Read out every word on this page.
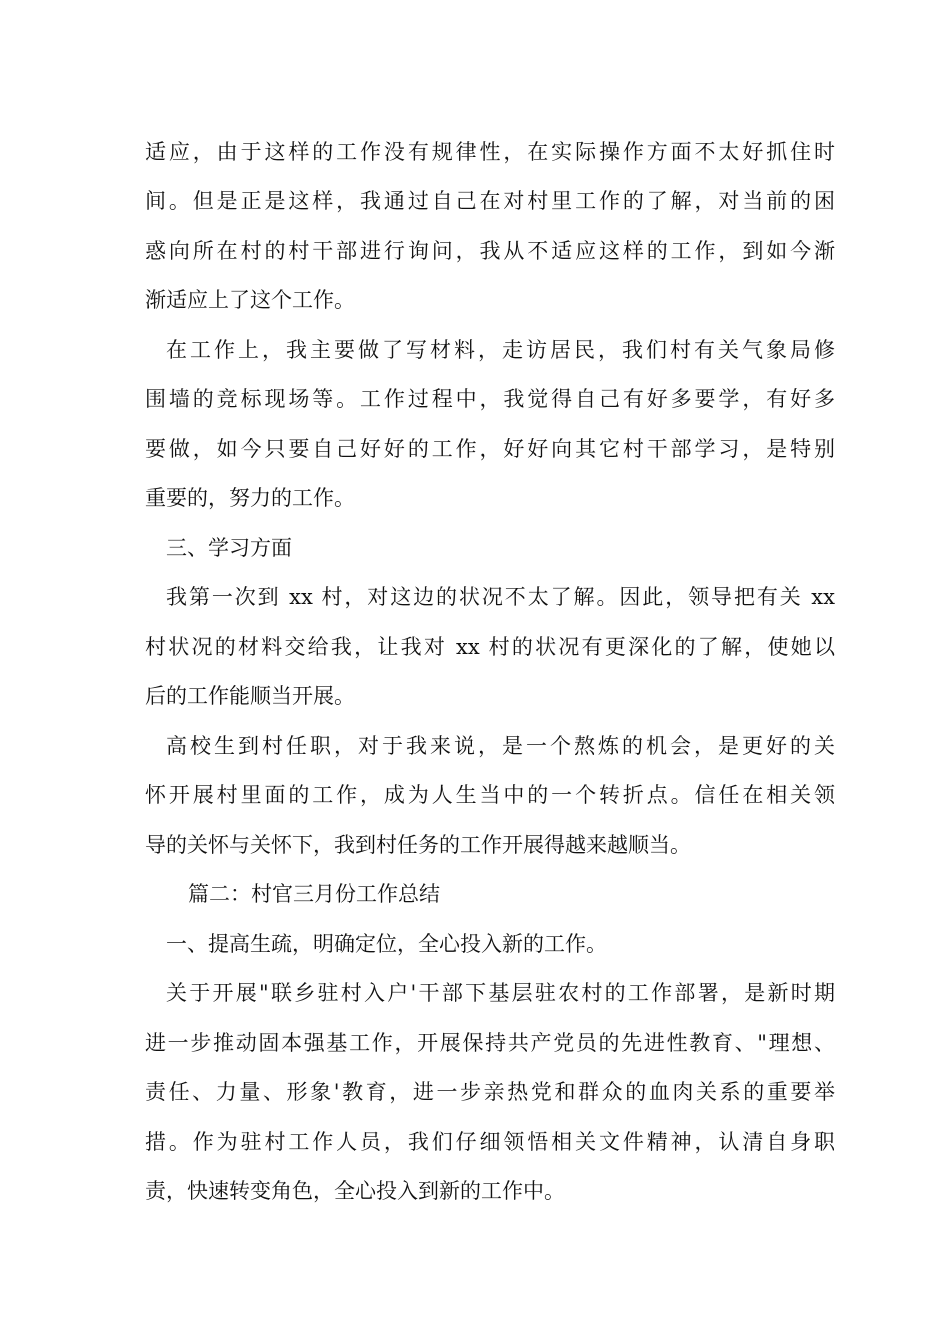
适应，由于这样的工作没有规律性，在实际操作方面不太好抓住时
间。但是正是这样，我通过自己在对村里工作的了解，对当前的困
惑向所在村的村干部进行询问，我从不适应这样的工作，到如今渐
渐适应上了这个工作。
在工作上，我主要做了写材料，走访居民，我们村有关气象局修
围墙的竞标现场等。工作过程中，我觉得自己有好多要学，有好多
要做，如今只要自己好好的工作，好好向其它村干部学习，是特别
重要的，努力的工作。
三、学习方面
我第一次到 xx 村，对这边的状况不太了解。因此，领导把有关 xx
村状况的材料交给我，让我对 xx 村的状况有更深化的了解，使她以
后的工作能顺当开展。
高校生到村任职，对于我来说，是一个熬炼的机会，是更好的关
怀开展村里面的工作，成为人生当中的一个转折点。信任在相关领
导的关怀与关怀下，我到村任务的工作开展得越来越顺当。
篇二：村官三月份工作总结
一、提高生疏，明确定位，全心投入新的工作。
关于开展"联乡驻村入户'干部下基层驻农村的工作部署，是新时期
进一步推动固本强基工作，开展保持共产党员的先进性教育、"理想、
责任、力量、形象'教育，进一步亲热党和群众的血肉关系的重要举
措。作为驻村工作人员，我们仔细领悟相关文件精神，认清自身职
责，快速转变角色，全心投入到新的工作中。
